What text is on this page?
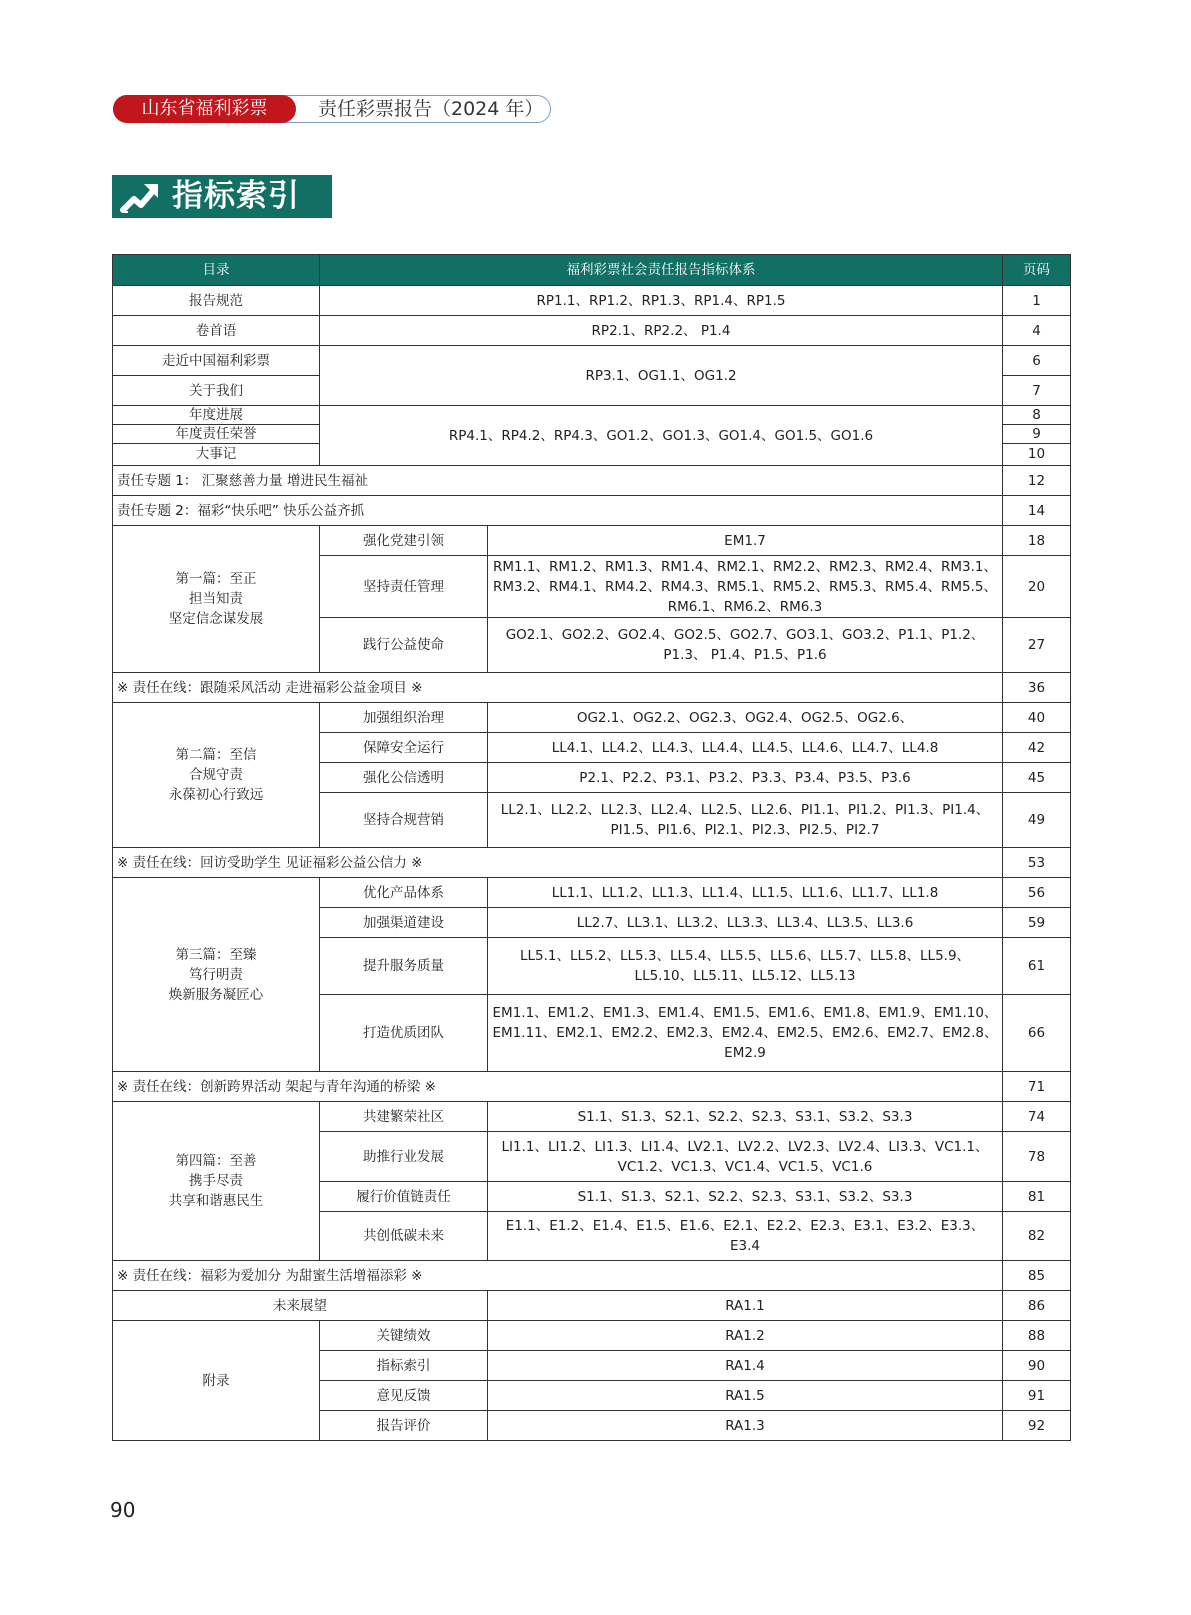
山东省福利彩票	责任彩票报告（2024 年）
指标索引
目录	福利彩票社会责任报告指标体系		页码
报告规范	RP1.1、RP1.2、RP1.3、RP1.4、RP1.5		1
卷首语	RP2.1、RP2.2、 P1.4		4
走近中国福利彩票	RP3.1、OG1.1、OG1.2		6
关于我们			7
年度进展	RP4.1、RP4.2、RP4.3、GO1.2、GO1.3、GO1.4、GO1.5、GO1.6		8
年度责任荣誉			9
大事记			10
责任专题 1： 汇聚慈善力量 增进民生福祉			12
责任专题 2：福彩“快乐吧” 快乐公益齐抓			14

第一篇：至正
担当知责
坚定信念谋发展	强化党建引领	EM1.7	18
	坚持责任管理	RM1.1、RM1.2、RM1.3、RM1.4、RM2.1、RM2.2、RM2.3、RM2.4、RM3.1、RM3.2、RM4.1、RM4.2、RM4.3、RM5.1、RM5.2、RM5.3、RM5.4、RM5.5、RM6.1、RM6.2、RM6.3	20
	践行公益使命	GO2.1、GO2.2、GO2.4、GO2.5、GO2.7、GO3.1、GO3.2、P1.1、P1.2、P1.3、 P1.4、P1.5、P1.6	27
※ 责任在线：跟随采风活动 走进福彩公益金项目 ※			36

第二篇：至信
合规守责
永葆初心行致远	加强组织治理	OG2.1、OG2.2、OG2.3、OG2.4、OG2.5、OG2.6、	40
	保障安全运行	LL4.1、LL4.2、LL4.3、LL4.4、LL4.5、LL4.6、LL4.7、LL4.8	42
	强化公信透明	P2.1、P2.2、P3.1、P3.2、P3.3、P3.4、P3.5、P3.6	45
	坚持合规营销	LL2.1、LL2.2、LL2.3、LL2.4、LL2.5、LL2.6、PI1.1、PI1.2、PI1.3、PI1.4、PI1.5、PI1.6、PI2.1、PI2.3、PI2.5、PI2.7	49
※ 责任在线：回访受助学生 见证福彩公益公信力 ※			53

第三篇：至臻
笃行明责
焕新服务凝匠心	优化产品体系	LL1.1、LL1.2、LL1.3、LL1.4、LL1.5、LL1.6、LL1.7、LL1.8	56
	加强渠道建设	LL2.7、LL3.1、LL3.2、LL3.3、LL3.4、LL3.5、LL3.6	59
	提升服务质量	LL5.1、LL5.2、LL5.3、LL5.4、LL5.5、LL5.6、LL5.7、LL5.8、LL5.9、LL5.10、LL5.11、LL5.12、LL5.13	61
	打造优质团队	EM1.1、EM1.2、EM1.3、EM1.4、EM1.5、EM1.6、EM1.8、EM1.9、EM1.10、EM1.11、EM2.1、EM2.2、EM2.3、EM2.4、EM2.5、EM2.6、EM2.7、EM2.8、EM2.9	66
※ 责任在线：创新跨界活动 架起与青年沟通的桥梁 ※			71

第四篇：至善
携手尽责
共享和谐惠民生	共建繁荣社区	S1.1、S1.3、S2.1、S2.2、S2.3、S3.1、S3.2、S3.3	74
	助推行业发展	LI1.1、LI1.2、LI1.3、LI1.4、LV2.1、LV2.2、LV2.3、LV2.4、LI3.3、VC1.1、VC1.2、VC1.3、VC1.4、VC1.5、VC1.6	78
	履行价值链责任	S1.1、S1.3、S2.1、S2.2、S2.3、S3.1、S3.2、S3.3	81
	共创低碳未来	E1.1、E1.2、E1.4、E1.5、E1.6、E2.1、E2.2、E2.3、E3.1、E3.2、E3.3、E3.4	82
※ 责任在线：福彩为爱加分 为甜蜜生活增福添彩 ※			85
未来展望		RA1.1	86
附录	关键绩效	RA1.2	88
	指标索引	RA1.4	90
	意见反馈	RA1.5	91
	报告评价	RA1.3	92
90
